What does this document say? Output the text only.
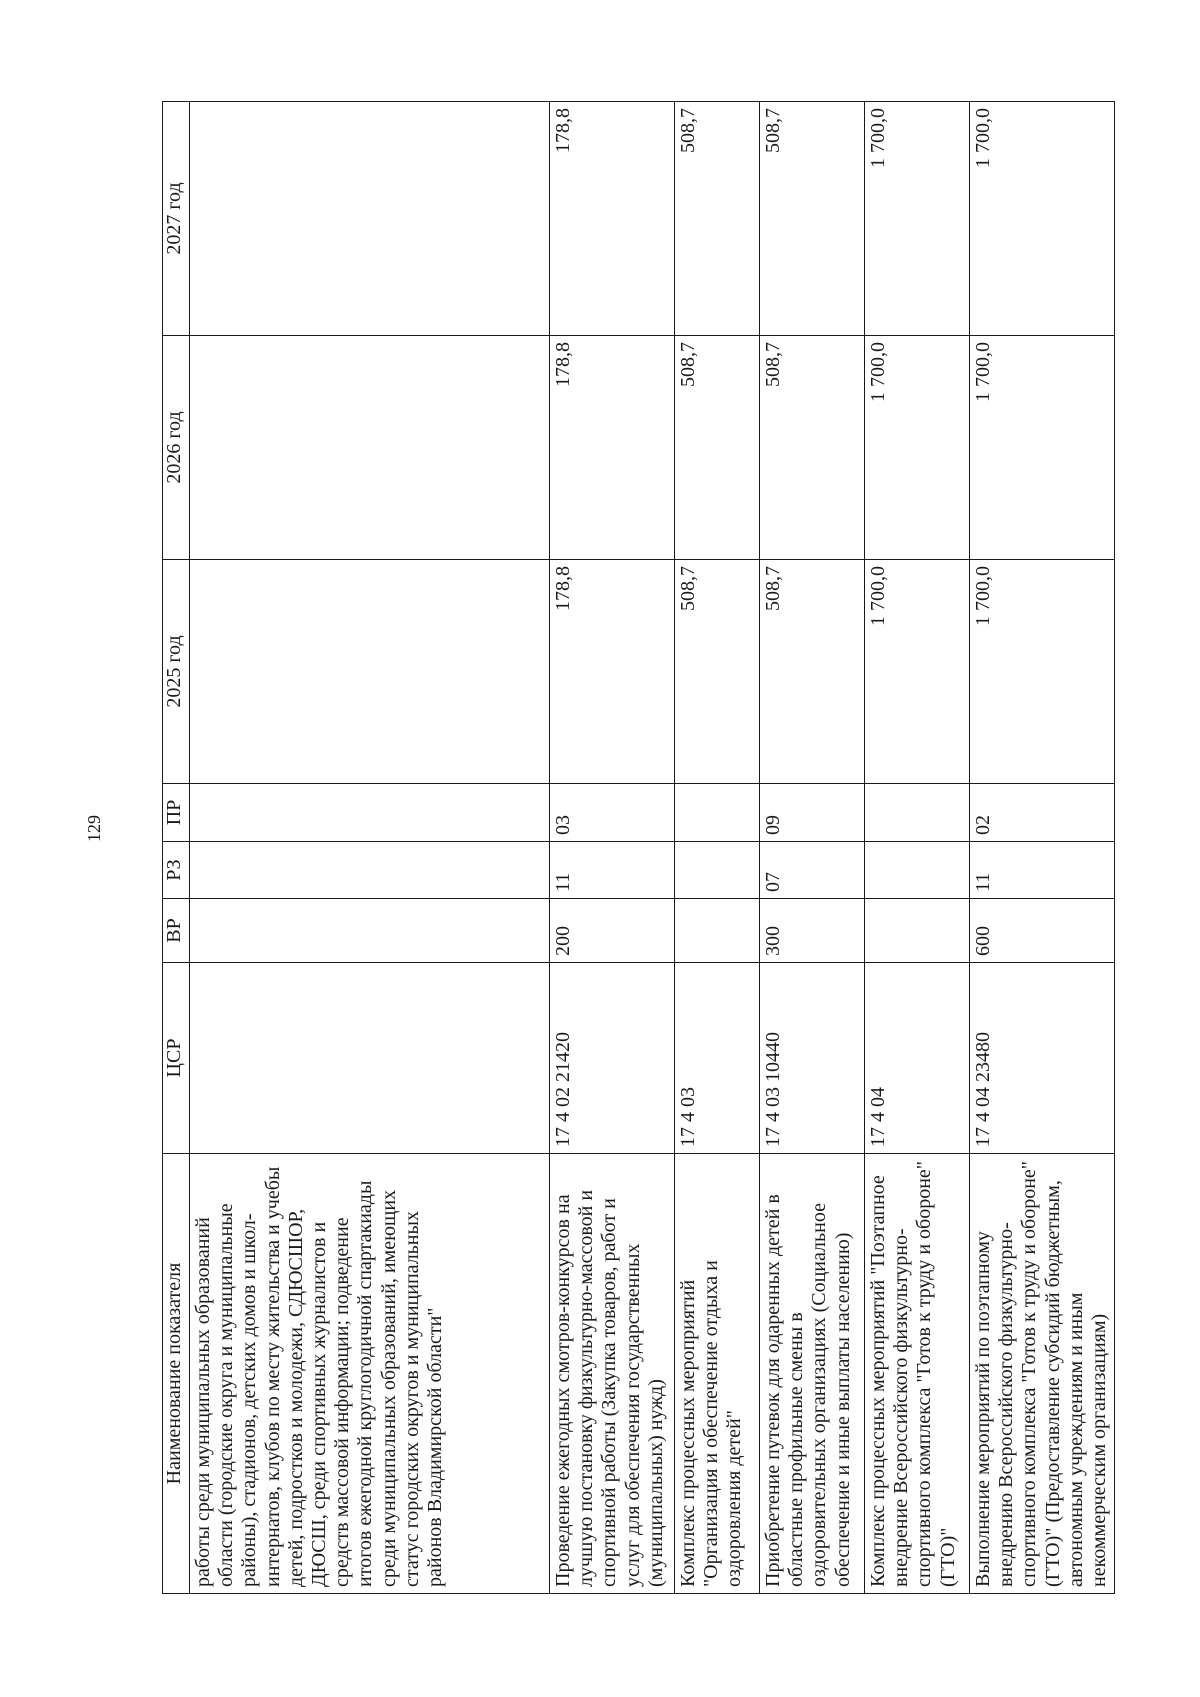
129
Наименование показателя	ЦСР	ВР	РЗ	ПР	2025 год	2026 год	2027 год
работы среди муниципальных образований области (городские округа и муниципальные районы), стадионов, детских домов и школ-интернатов, клубов по месту жительства и учебы детей, подростков и молодежи, СДЮСШОР, ДЮСШ, среди спортивных журналистов и средств массовой информации; подведение итогов ежегодной круглогодичной спартакиады среди муниципальных образований, имеющих статус городских округов и муниципальных районов Владимирской области"							
Проведение ежегодных смотров-конкурсов на лучшую постановку физкультурно-массовой и спортивной работы (Закупка товаров, работ и услуг для обеспечения государственных (муниципальных) нужд)	17 4 02 21420	200	11	03	178,8	178,8	178,8
Комплекс процессных мероприятий "Организация и обеспечение отдыха и оздоровления детей"	17 4 03				508,7	508,7	508,7
Приобретение путевок для одаренных детей в областные профильные смены в оздоровительных организациях (Социальное обеспечение и иные выплаты населению)	17 4 03 10440	300	07	09	508,7	508,7	508,7
Комплекс процессных мероприятий "Поэтапное внедрение Всероссийского физкультурно-спортивного комплекса "Готов к труду и обороне" (ГТО)"	17 4 04				1 700,0	1 700,0	1 700,0
Выполнение мероприятий по поэтапному внедрению Всероссийского физкультурно-спортивного комплекса "Готов к труду и обороне" (ГТО)" (Предоставление субсидий бюджетным, автономным учреждениям и иным некоммерческим организациям)	17 4 04 23480	600	11	02	1 700,0	1 700,0	1 700,0
